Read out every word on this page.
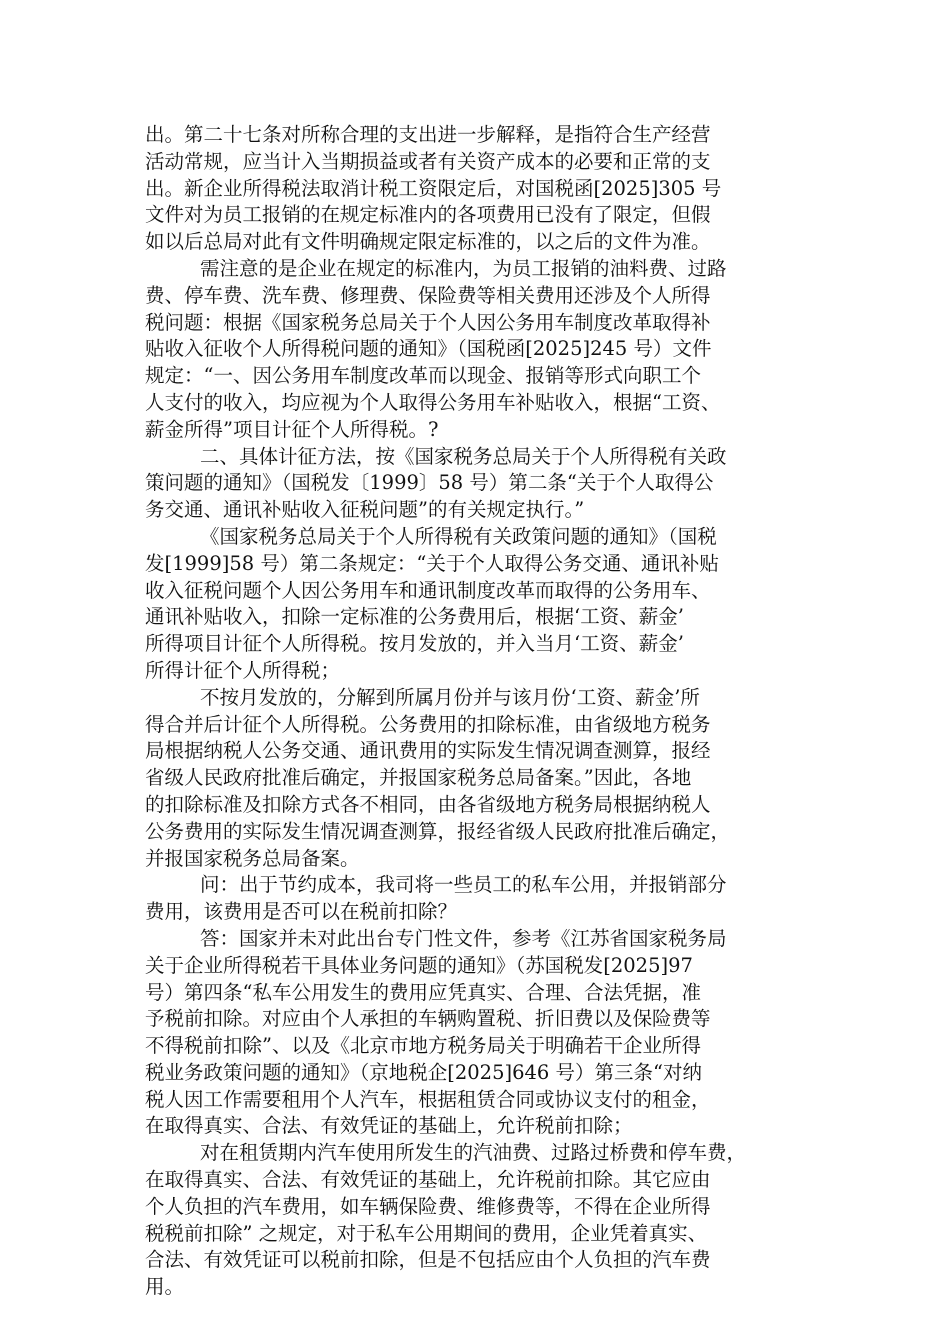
出。第二十七条对所称合理的支出进一步解释，是指符合生产经营
活动常规，应当计入当期损益或者有关资产成本的必要和正常的支
出。新企业所得税法取消计税工资限定后，对国税函[2025]305 号
文件对为员工报销的在规定标准内的各项费用已没有了限定，但假
如以后总局对此有文件明确规定限定标准的，以之后的文件为准。

需注意的是企业在规定的标准内，为员工报销的油料费、过路
费、停车费、洗车费、修理费、保险费等相关费用还涉及个人所得
税问题：根据《国家税务总局关于个人因公务用车制度改革取得补
贴收入征收个人所得税问题的通知》（国税函[2025]245 号）文件
规定：“一、因公务用车制度改革而以现金、报销等形式向职工个
人支付的收入，均应视为个人取得公务用车补贴收入，根据“工资、
薪金所得”项目计征个人所得税。?

二、具体计征方法，按《国家税务总局关于个人所得税有关政
策问题的通知》（国税发〔1999〕58 号）第二条“关于个人取得公
务交通、通讯补贴收入征税问题”的有关规定执行。”

《国家税务总局关于个人所得税有关政策问题的通知》（国税
发[1999]58 号）第二条规定：“关于个人取得公务交通、通讯补贴
收入征税问题个人因公务用车和通讯制度改革而取得的公务用车、
通讯补贴收入，扣除一定标准的公务费用后，根据‘工资、薪金’
所得项目计征个人所得税。按月发放的，并入当月‘工资、薪金’
所得计征个人所得税；

不按月发放的，分解到所属月份并与该月份‘工资、薪金’所
得合并后计征个人所得税。公务费用的扣除标准，由省级地方税务
局根据纳税人公务交通、通讯费用的实际发生情况调查测算，报经
省级人民政府批准后确定，并报国家税务总局备案。”因此，各地
的扣除标准及扣除方式各不相同，由各省级地方税务局根据纳税人
公务费用的实际发生情况调查测算，报经省级人民政府批准后确定，
并报国家税务总局备案。

问：出于节约成本，我司将一些员工的私车公用，并报销部分
费用，该费用是否可以在税前扣除？

答：国家并未对此出台专门性文件，参考《江苏省国家税务局
关于企业所得税若干具体业务问题的通知》（苏国税发[2025]97
号）第四条“私车公用发生的费用应凭真实、合理、合法凭据，准
予税前扣除。对应由个人承担的车辆购置税、折旧费以及保险费等
不得税前扣除”、以及《北京市地方税务局关于明确若干企业所得
税业务政策问题的通知》（京地税企[2025]646 号）第三条“对纳
税人因工作需要租用个人汽车，根据租赁合同或协议支付的租金，
在取得真实、合法、有效凭证的基础上，允许税前扣除；

对在租赁期内汽车使用所发生的汽油费、过路过桥费和停车费，
在取得真实、合法、有效凭证的基础上，允许税前扣除。其它应由
个人负担的汽车费用，如车辆保险费、维修费等，不得在企业所得
税税前扣除” 之规定，对于私车公用期间的费用，企业凭着真实、
合法、有效凭证可以税前扣除，但是不包括应由个人负担的汽车费
用。
